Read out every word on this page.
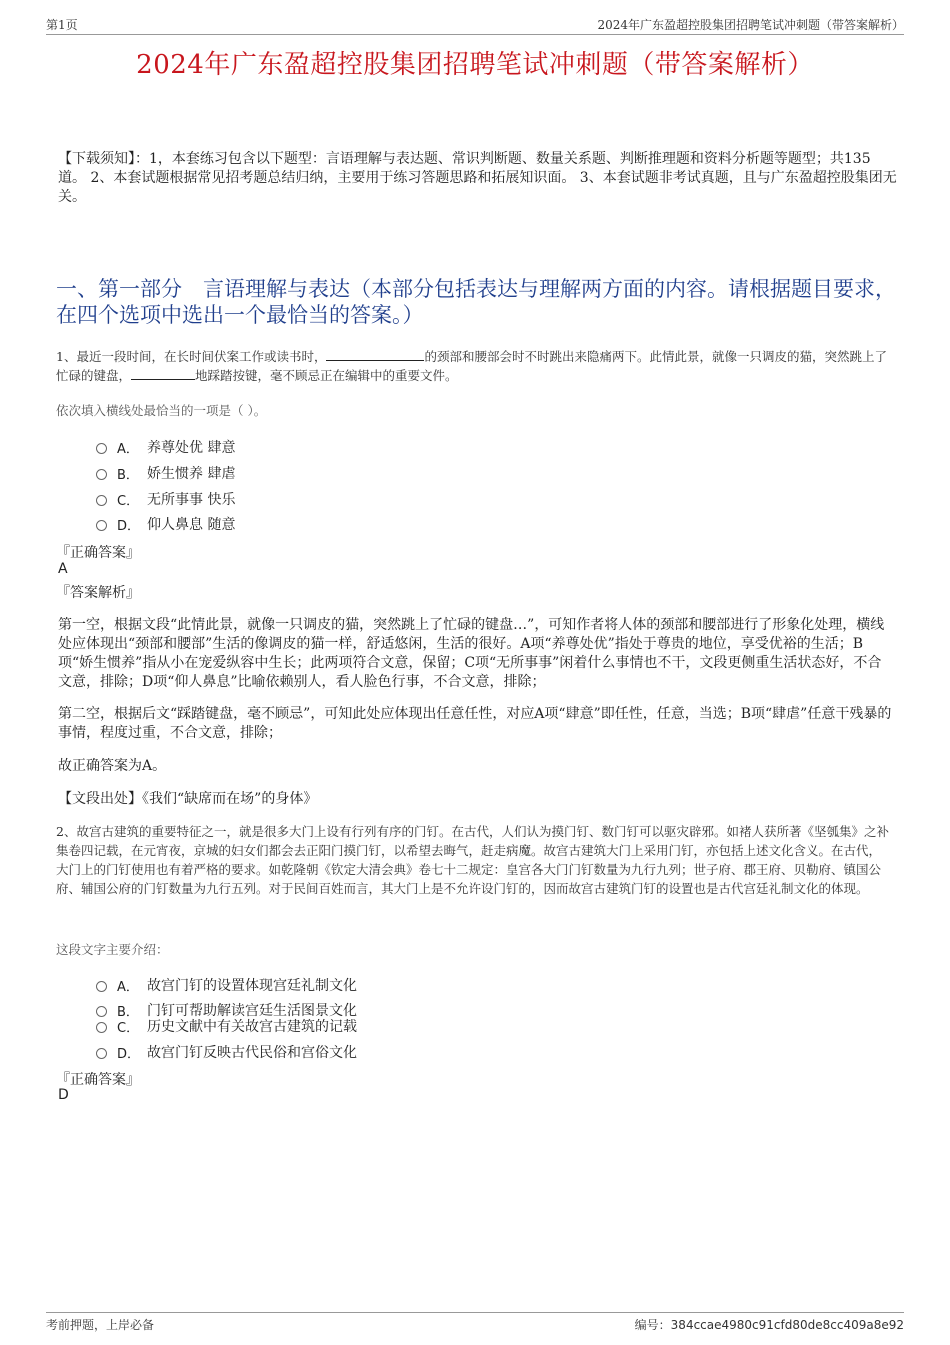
第1页	2024年广东盈超控股集团招聘笔试冲刺题（带答案解析）
2024年广东盈超控股集团招聘笔试冲刺题（带答案解析）
【下载须知】：1，本套练习包含以下题型：言语理解与表达题、常识判断题、数量关系题、判断推理题和资料分析题等题型；共135道。 2、本套试题根据常见招考题总结归纳，主要用于练习答题思路和拓展知识面。 3、本套试题非考试真题，且与广东盈超控股集团无关。
一、第一部分　言语理解与表达（本部分包括表达与理解两方面的内容。请根据题目要求，在四个选项中选出一个最恰当的答案。）
1、最近一段时间，在长时间伏案工作或读书时，	的颈部和腰部会时不时跳出来隐痛两下。此情此景，就像一只调皮的猫，突然跳上了忙碌的键盘，	地踩踏按键，毫不顾忌正在编辑中的重要文件。
依次填入横线处最恰当的一项是（ ）。
A． 养尊处优 肆意
B． 娇生惯养 肆虐
C． 无所事事 快乐
D． 仰人鼻息 随意
『正确答案』
A
『答案解析』
第一空，根据文段“此情此景，就像一只调皮的猫，突然跳上了忙碌的键盘…”，可知作者将人体的颈部和腰部进行了形象化处理，横线处应体现出“颈部和腰部”生活的像调皮的猫一样，舒适悠闲，生活的很好。A项“养尊处优”指处于尊贵的地位，享受优裕的生活；B项“娇生惯养”指从小在宠爱纵容中生长；此两项符合文意，保留；C项“无所事事”闲着什么事情也不干，文段更侧重生活状态好，不合文意，排除；D项“仰人鼻息”比喻依赖别人，看人脸色行事，不合文意，排除；
第二空，根据后文“踩踏键盘，毫不顾忌”，可知此处应体现出任意任性，对应A项“肆意”即任性，任意，当选；B项“肆虐”任意干残暴的事情，程度过重，不合文意，排除；
故正确答案为A。
【文段出处】《我们“缺席而在场”的身体》
2、故宫古建筑的重要特征之一，就是很多大门上设有行列有序的门钉。在古代，人们认为摸门钉、数门钉可以驱灾辟邪。如褚人获所著《坚瓠集》之补集卷四记载，在元宵夜，京城的妇女们都会去正阳门摸门钉，以希望去晦气，赶走病魔。故宫古建筑大门上采用门钉，亦包括上述文化含义。在古代，大门上的门钉使用也有着严格的要求。如乾隆朝《钦定大清会典》卷七十二规定：皇宫各大门门钉数量为九行九列；世子府、郡王府、贝勒府、镇国公府、辅国公府的门钉数量为九行五列。对于民间百姓而言，其大门上是不允许设门钉的，因而故宫古建筑门钉的设置也是古代宫廷礼制文化的体现。
这段文字主要介绍：
A． 故宫门钉的设置体现宫廷礼制文化
B． 门钉可帮助解读宫廷生活图景文化
C． 历史文献中有关故宫古建筑的记载
D． 故宫门钉反映古代民俗和宫俗文化
『正确答案』
D
考前押题，上岸必备	编号：384ccae4980c91cfd80de8cc409a8e92
